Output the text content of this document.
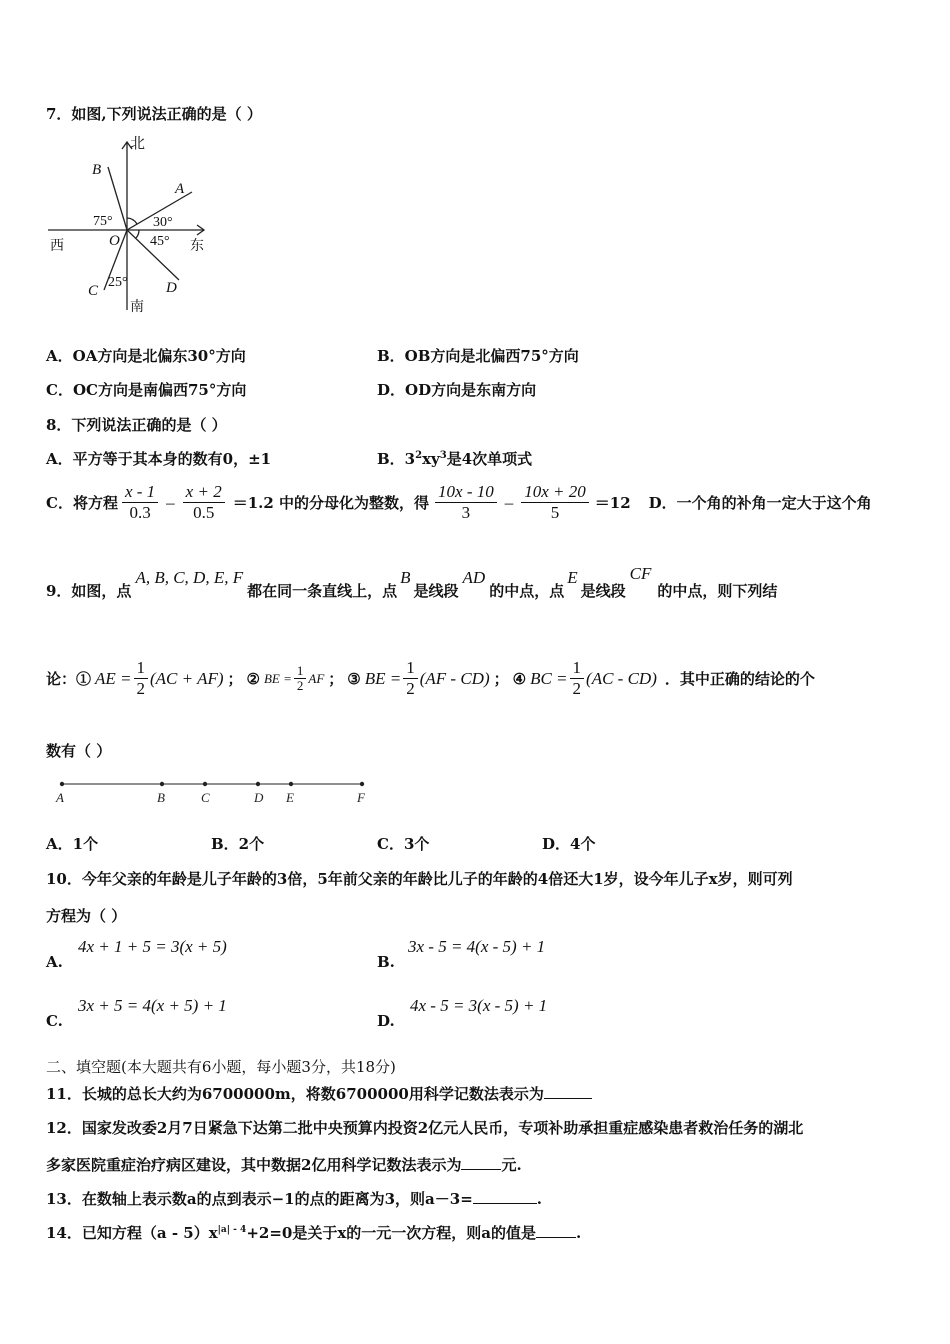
7．如图,下列说法正确的是（ ）
北
南
西	东
O
A
B
C	D
75°	30°
45°
25°
A．OA方向是北偏东30°方向	B．OB方向是北偏西75°方向
C．OC方向是南偏西75°方向	D．OD方向是东南方向
8．下列说法正确的是（ ）
A．平方等于其本身的数有0，±1	B．$3^2xy^3$是4次单项式
C．将方程 $\frac{x - 1}{0.3} - \frac{x + 2}{0.5} =1.2$ 中的分母化为整数，得 $\frac{10x - 10}{3} - \frac{10x + 20}{5} =12$ D．一个角的补角一定大于这个角
9．如图，点
A, B, C, D, E, F
都在同一条直线上，点
B
是线段
AD
的中点，点
E
是线段
CF
的中点，则下列结
论：① AE = $\frac{1}{2} (AC + AF)$ ； ② BE = $\frac{1}{2}$ AF ； ③ BE = $\frac{1}{2} (AF - CD)$ ； ④ BC = $\frac{1}{2} (AC - CD)$ ．其中正确的结论的个
数有（ ）
A	B	C	D E	F
A．1个	B．2个	C．3个	D．4个
10．今年父亲的年龄是儿子年龄的3倍，5年前父亲的年龄比儿子的年龄的4倍还大1岁，设今年儿子x岁，则可列
方程为（ ）
A.
4x + 1 + 5 = 3(x + 5)
B.
3x - 5 = 4(x - 5) + 1
C.
3x + 5 = 4(x + 5) + 1
D.
4x - 5 = 3(x - 5) + 1
二、填空题(本大题共有6小题，每小题3分，共18分)
11．长城的总长大约为6700000m，将数6700000用科学记数法表示为
12．国家发改委2月7日紧急下达第二批中央预算内投资2亿元人民币，专项补助承担重症感染患者救治任务的湖北
多家医院重症治疗病区建设，其中数据2亿用科学记数法表示为	元.
13．在数轴上表示数a的点到表示−1的点的距离为3，则a－3=	.
14．已知方程$(a - 5)x^{|a| - 4}+2=0$是关于x的一元一次方程，则a的值是	.
